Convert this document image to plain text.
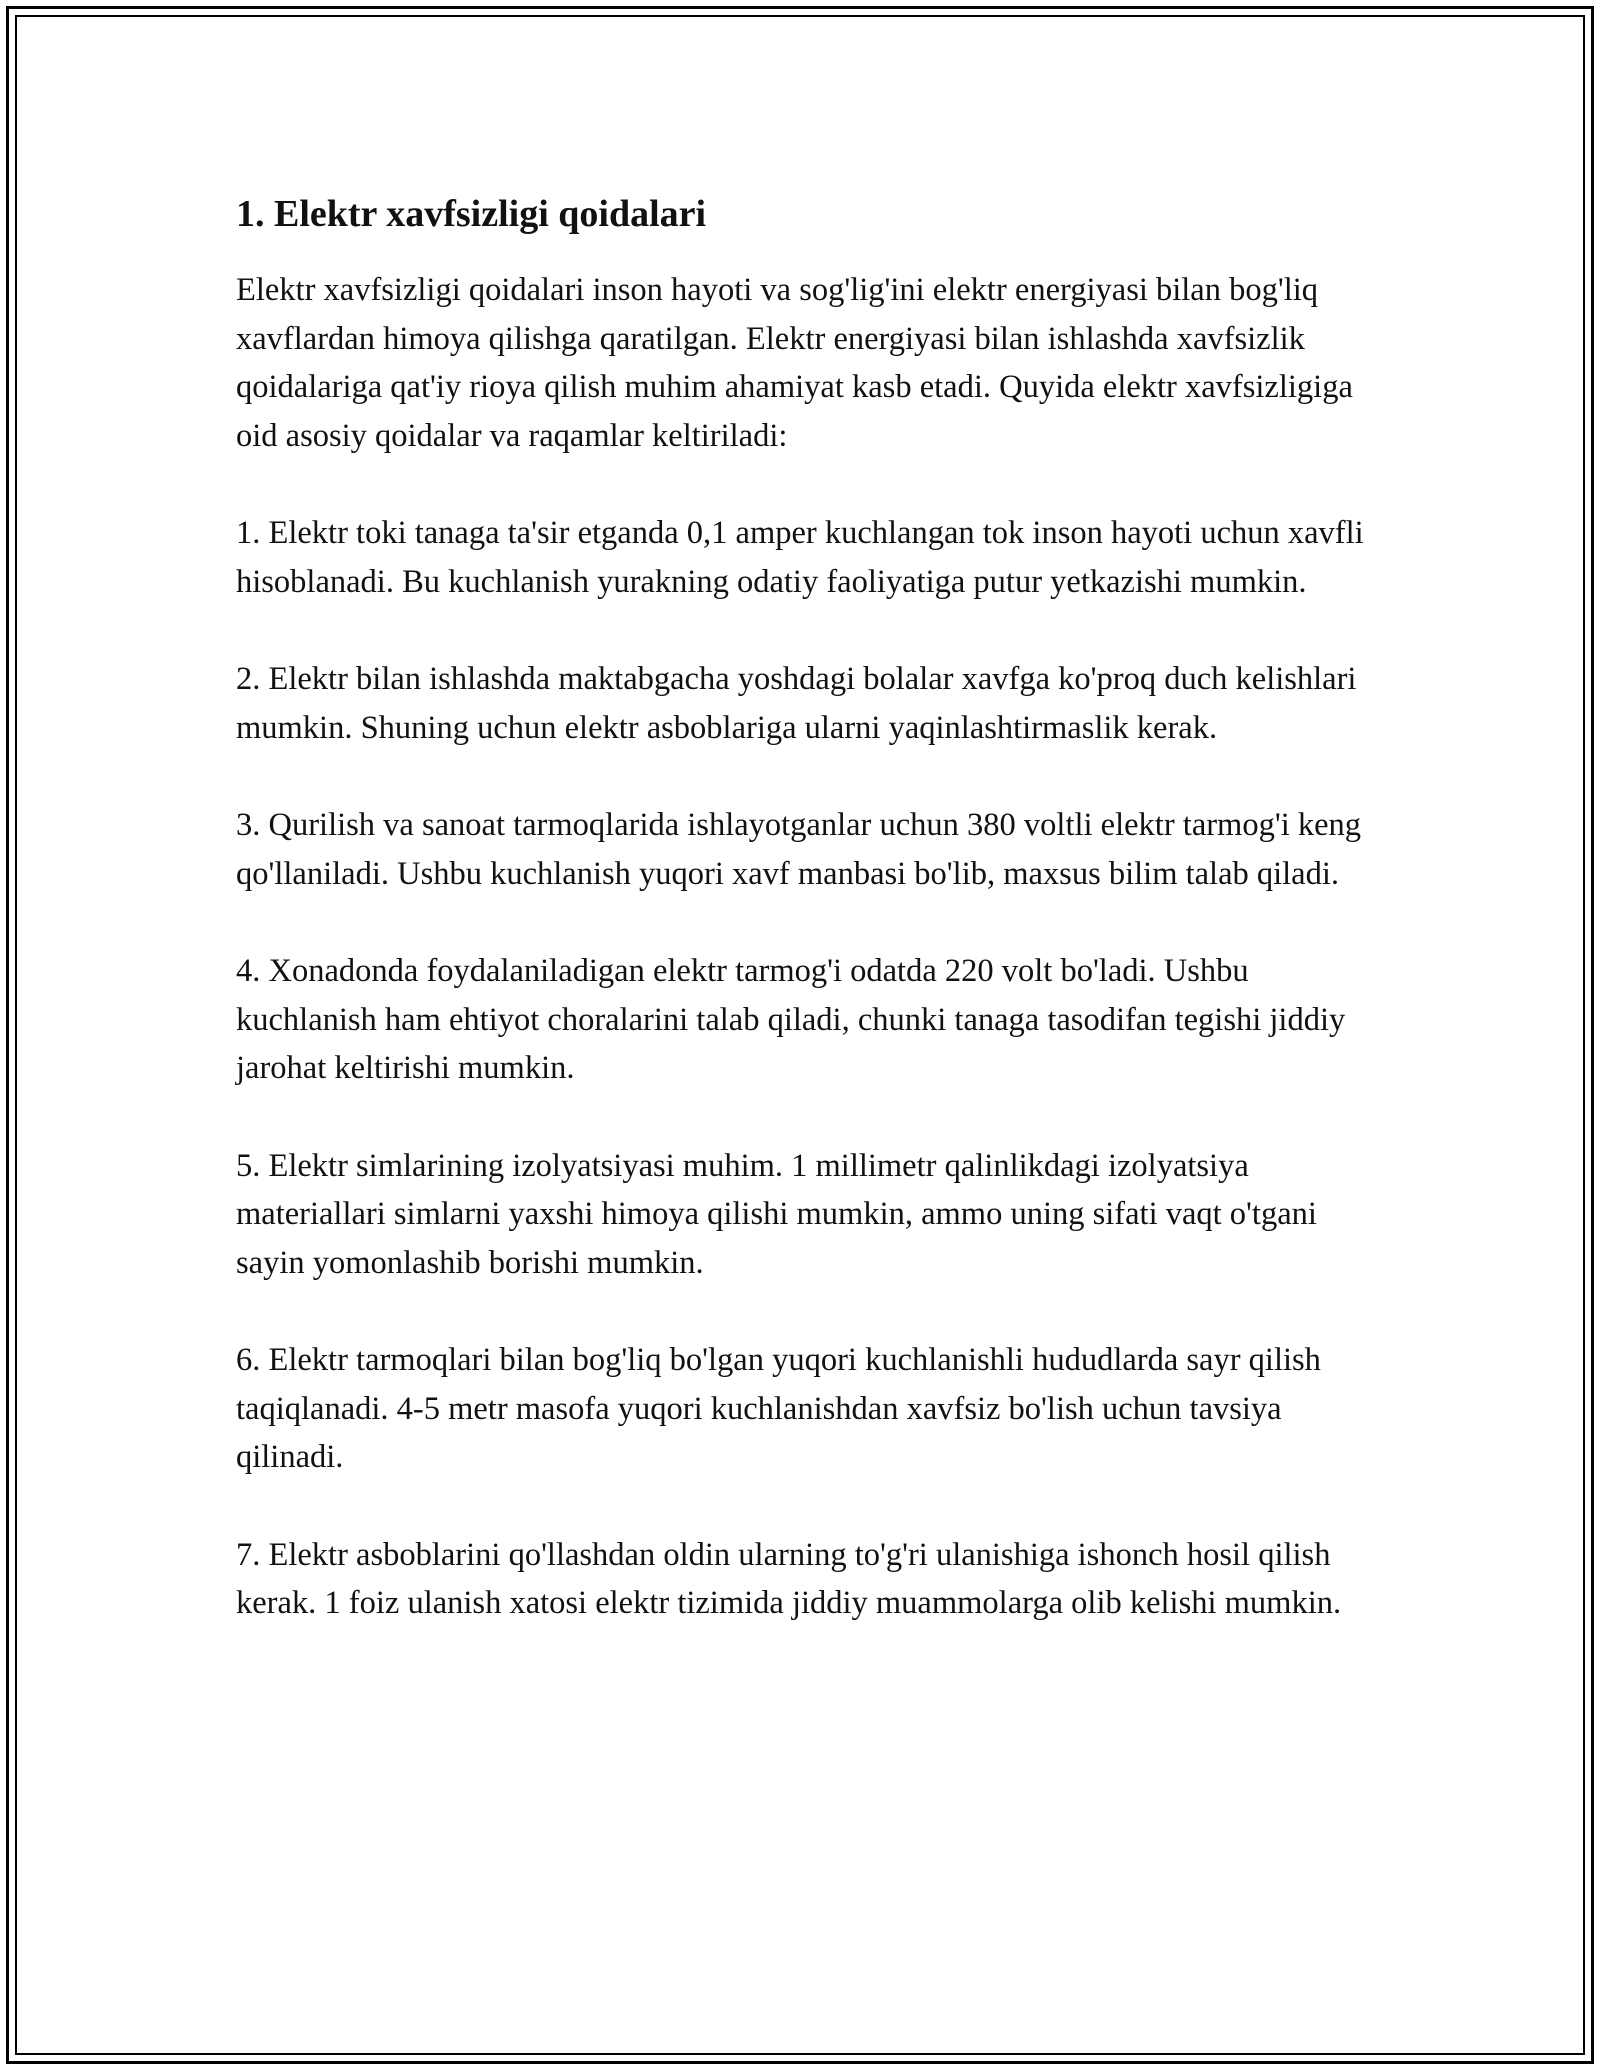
1. Elektr xavfsizligi qoidalari

Elektr xavfsizligi qoidalari inson hayoti va sog'lig'ini elektr energiyasi bilan bog'liq xavflardan himoya qilishga qaratilgan. Elektr energiyasi bilan ishlashda xavfsizlik qoidalariga qat'iy rioya qilish muhim ahamiyat kasb etadi. Quyida elektr xavfsizligiga oid asosiy qoidalar va raqamlar keltiriladi:

1. Elektr toki tanaga ta'sir etganda 0,1 amper kuchlangan tok inson hayoti uchun xavfli hisoblanadi. Bu kuchlanish yurakning odatiy faoliyatiga putur yetkazishi mumkin.

2. Elektr bilan ishlashda maktabgacha yoshdagi bolalar xavfga ko'proq duch kelishlari mumkin. Shuning uchun elektr asboblariga ularni yaqinlashtirmaslik kerak.

3. Qurilish va sanoat tarmoqlarida ishlayotganlar uchun 380 voltli elektr tarmog'i keng qo'llaniladi. Ushbu kuchlanish yuqori xavf manbasi bo'lib, maxsus bilim talab qiladi.

4. Xonadonda foydalaniladigan elektr tarmog'i odatda 220 volt bo'ladi. Ushbu kuchlanish ham ehtiyot choralarini talab qiladi, chunki tanaga tasodifan tegishi jiddiy jarohat keltirishi mumkin.

5. Elektr simlarining izolyatsiyasi muhim. 1 millimetr qalinlikdagi izolyatsiya materiallari simlarni yaxshi himoya qilishi mumkin, ammo uning sifati vaqt o'tgani sayin yomonlashib borishi mumkin.

6. Elektr tarmoqlari bilan bog'liq bo'lgan yuqori kuchlanishli hududlarda sayr qilish taqiqlanadi. 4-5 metr masofa yuqori kuchlanishdan xavfsiz bo'lish uchun tavsiya qilinadi.

7. Elektr asboblarini qo'llashdan oldin ularning to'g'ri ulanishiga ishonch hosil qilish kerak. 1 foiz ulanish xatosi elektr tizimida jiddiy muammolarga olib kelishi mumkin.
